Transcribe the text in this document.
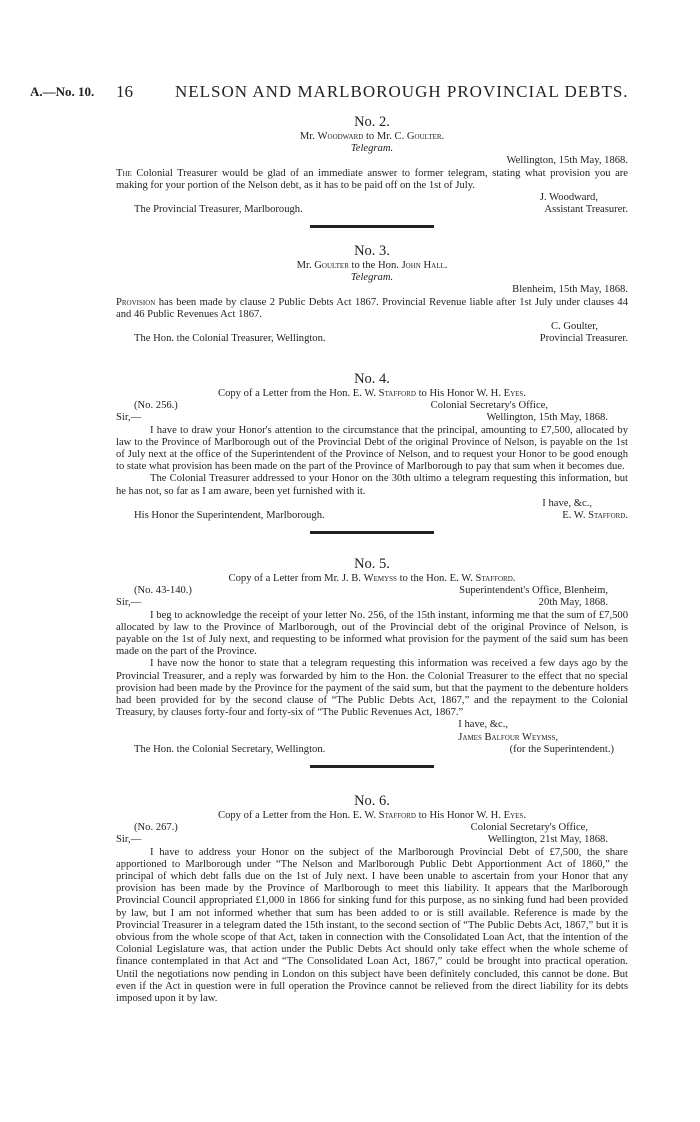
A.—No. 10. 16 NELSON AND MARLBOROUGH PROVINCIAL DEBTS.
No. 2.
Mr. Woodward to Mr. C. Goulter.
Telegram.
Wellington, 15th May, 1868.

The Colonial Treasurer would be glad of an immediate answer to former telegram, stating what provision you are making for your portion of the Nelson debt, as it has to be paid off on the 1st of July.

J. Woodward,
The Provincial Treasurer, Marlborough.	Assistant Treasurer.
No. 3.
Mr. Goulter to the Hon. John Hall.
Telegram.
Blenheim, 15th May, 1868.

Provision has been made by clause 2 Public Debts Act 1867. Provincial Revenue liable after 1st July under clauses 44 and 46 Public Revenues Act 1867.

C. Goulter,
The Hon. the Colonial Treasurer, Wellington.	Provincial Treasurer.
No. 4.
Copy of a Letter from the Hon. E. W. Stafford to His Honor W. H. Eyes.
(No. 256.)	Colonial Secretary's Office,
Sir,—	Wellington, 15th May, 1868.

I have to draw your Honor's attention to the circumstance that the principal, amounting to £7,500, allocated by law to the Province of Marlborough out of the Provincial Debt of the original Province of Nelson, is payable on the 1st of July next at the office of the Superintendent of the Province of Nelson, and to request your Honor to be good enough to state what provision has been made on the part of the Province of Marlborough to pay that sum when it becomes due.

The Colonial Treasurer addressed to your Honor on the 30th ultimo a telegram requesting this information, but he has not, so far as I am aware, been yet furnished with it.

I have, &c.,
His Honor the Superintendent, Marlborough.	E. W. Stafford.
No. 5.
Copy of a Letter from Mr. J. B. Wemyss to the Hon. E. W. Stafford.
(No. 43-140.)	Superintendent's Office, Blenheim,
Sir,—	20th May, 1868.

I beg to acknowledge the receipt of your letter No. 256, of the 15th instant, informing me that the sum of £7,500 allocated by law to the Province of Marlborough, out of the Provincial debt of the original Province of Nelson, is payable on the 1st of July next, and requesting to be informed what provision for the payment of the said sum has been made on the part of the Province.

I have now the honor to state that a telegram requesting this information was received a few days ago by the Provincial Treasurer, and a reply was forwarded by him to the Hon. the Colonial Treasurer to the effect that no special provision had been made by the Province for the payment of the said sum, but that the payment to the debenture holders had been provided for by the second clause of “The Public Debts Act, 1867,” and the repayment to the Colonial Treasury, by clauses forty-four and forty-six of “The Public Revenues Act, 1867.”

I have, &c.,
James Balfour Weymss,
The Hon. the Colonial Secretary, Wellington.	(for the Superintendent.)
No. 6.
Copy of a Letter from the Hon. E. W. Stafford to His Honor W. H. Eyes.
(No. 267.)	Colonial Secretary's Office,
Sir,—	Wellington, 21st May, 1868.

I have to address your Honor on the subject of the Marlborough Provincial Debt of £7,500, the share apportioned to Marlborough under “The Nelson and Marlborough Public Debt Apportionment Act of 1860,” the principal of which debt falls due on the 1st of July next. I have been unable to ascertain from your Honor that any provision has been made by the Province of Marlborough to meet this liability. It appears that the Marlborough Provincial Council appropriated £1,000 in 1866 for sinking fund for this purpose, as no sinking fund had been provided by law, but I am not informed whether that sum has been added to or is still available. Reference is made by the Provincial Treasurer in a telegram dated the 15th instant, to the second section of “The Public Debts Act, 1867,” but it is obvious from the whole scope of that Act, taken in connection with the Consolidated Loan Act, that the intention of the Colonial Legislature was, that action under the Public Debts Act should only take effect when the whole scheme of finance contemplated in that Act and “The Consolidated Loan Act, 1867,” could be brought into practical operation. Until the negotiations now pending in London on this subject have been definitely concluded, this cannot be done. But even if the Act in question were in full operation the Province cannot be relieved from the direct liability for its debts imposed upon it by law.
